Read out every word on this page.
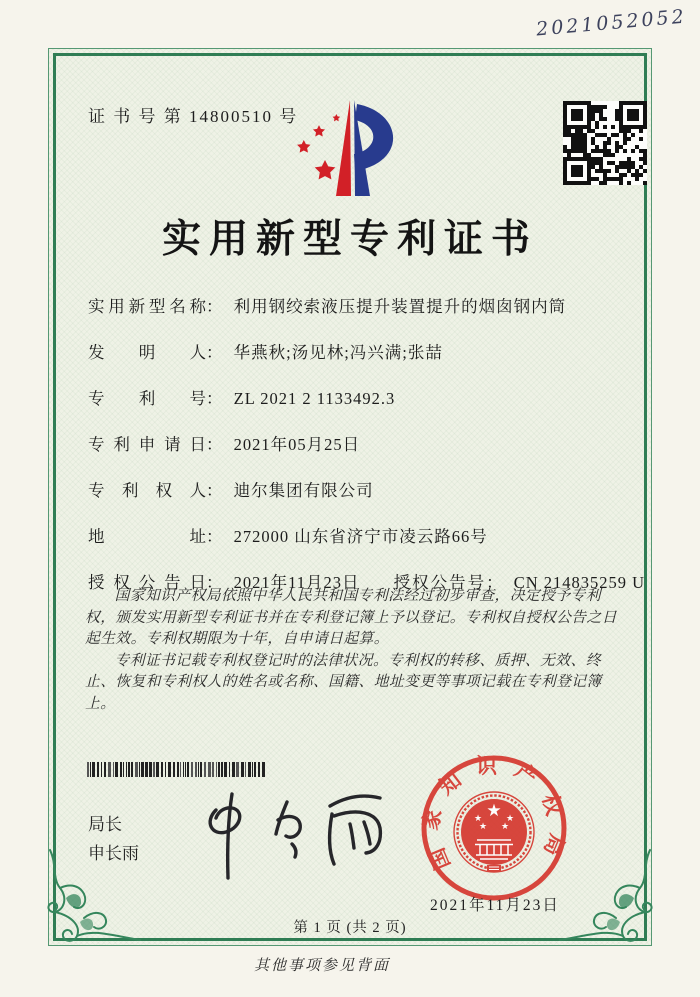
2021052052
证 书 号 第 14800510 号
实用新型专利证书
实用新型名称： 利用钢绞索液压提升装置提升的烟囱钢内筒
发明人： 华燕秋;汤见林;冯兴满;张喆
专利号： ZL 2021 2 1133492.3
专利申请日： 2021年05月25日
专利权人： 迪尔集团有限公司
地址： 272000 山东省济宁市凌云路66号
授权公告日： 2021年11月23日 授权公告号： CN 214835259 U

国家知识产权局依照中华人民共和国专利法经过初步审查，决定授予专利权，颁发实用新型专利证书并在专利登记簿上予以登记。专利权自授权公告之日起生效。专利权期限为十年，自申请日起算。

专利证书记载专利权登记时的法律状况。专利权的转移、质押、无效、终止、恢复和专利权人的姓名或名称、国籍、地址变更等事项记载在专利登记簿上。

局长
申长雨	国家知识产权局
★
★	★
★ ★
2021年11月23日
第 1 页 (共 2 页)
其他事项参见背面
